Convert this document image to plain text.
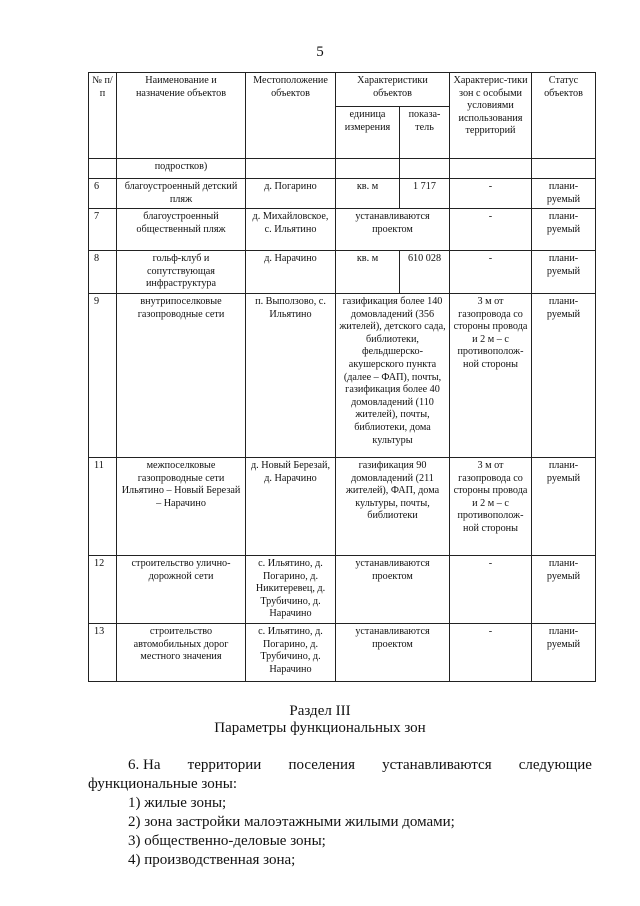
5
№ п/п	Наименование и назначение объектов	Местоположение объектов	Характеристики объектов		Характерис-тики зон с особыми условиями использования территорий	Статус объектов
			единица измерения	показа-тель		
	подростков)					
6	благоустроенный детский пляж	д. Погарино	кв. м	1 717	-	плани-руемый
7	благоустроенный общественный пляж	д. Михайловское, с. Ильятино	устанавливаются проектом		-	плани-руемый
8	гольф-клуб и сопутствующая инфраструктура	д. Нарачино	кв. м	610 028	-	плани-руемый
9	внутрипоселковые газопроводные сети	п. Выползово, с. Ильятино	газификация более 140 домовладений (356 жителей), детского сада, библиотеки, фельдшерско-акушерского пункта (далее – ФАП), почты, газификация более 40 домовладений (110 жителей), почты, библиотеки, дома культуры		3 м от газопровода со стороны провода и 2 м – с противополож-ной стороны	плани-руемый
11	межпоселковые газопроводные сети Ильятино – Новый Березай – Нарачино	д. Новый Березай, д. Нарачино	газификация 90 домовладений (211 жителей), ФАП, дома культуры, почты, библиотеки		3 м от газопровода со стороны провода и 2 м – с противополож-ной стороны	плани-руемый
12	строительство улично-дорожной сети	с. Ильятино, д. Погарино, д. Никитеревец, д. Трубичино, д. Нарачино	устанавливаются проектом		-	плани-руемый
13	строительство автомобильных дорог местного значения	с. Ильятино, д. Погарино, д. Трубичино, д. Нарачино	устанавливаются проектом		-	плани-руемый
Раздел III
Параметры функциональных зон
6. На территории поселения устанавливаются следующие
функциональные зоны:
1) жилые зоны;
2) зона застройки малоэтажными жилыми домами;
3) общественно-деловые зоны;
4) производственная зона;
